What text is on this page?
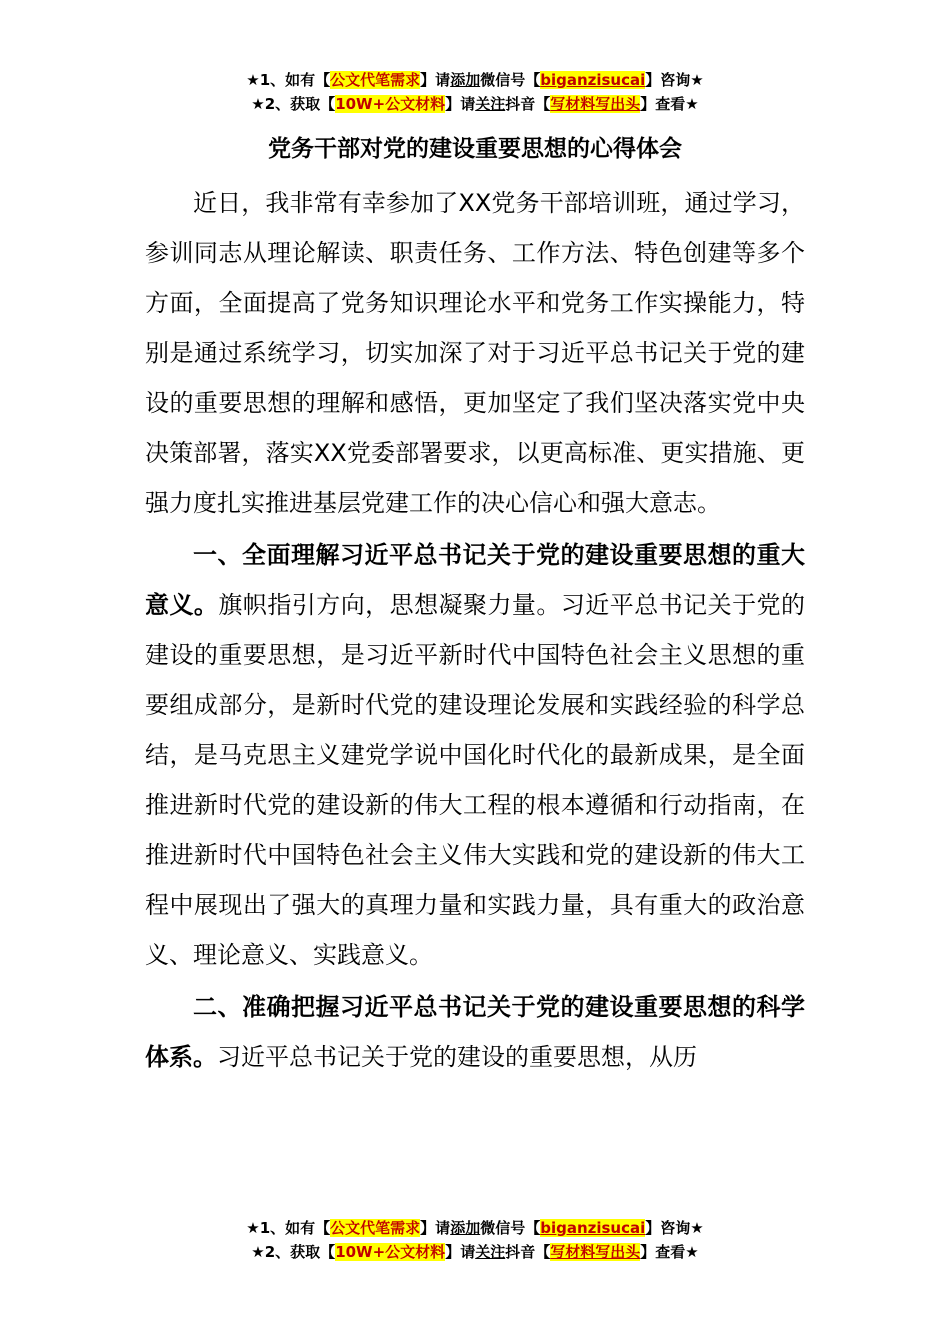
★1、如有【公文代笔需求】请添加微信号【biganzisucai】咨询★
★2、获取【10W+公文材料】请关注抖音【写材料写出头】查看★
党务干部对党的建设重要思想的心得体会

近日，我非常有幸参加了XX党务干部培训班，通过学习，参训同志从理论解读、职责任务、工作方法、特色创建等多个方面，全面提高了党务知识理论水平和党务工作实操能力，特别是通过系统学习，切实加深了对于习近平总书记关于党的建设的重要思想的理解和感悟，更加坚定了我们坚决落实党中央决策部署，落实XX党委部署要求，以更高标准、更实措施、更强力度扎实推进基层党建工作的决心信心和强大意志。

一、全面理解习近平总书记关于党的建设重要思想的重大意义。旗帜指引方向，思想凝聚力量。习近平总书记关于党的建设的重要思想，是习近平新时代中国特色社会主义思想的重要组成部分，是新时代党的建设理论发展和实践经验的科学总结，是马克思主义建党学说中国化时代化的最新成果，是全面推进新时代党的建设新的伟大工程的根本遵循和行动指南，在推进新时代中国特色社会主义伟大实践和党的建设新的伟大工程中展现出了强大的真理力量和实践力量，具有重大的政治意义、理论意义、实践意义。

二、准确把握习近平总书记关于党的建设重要思想的科学体系。习近平总书记关于党的建设的重要思想，从历

★1、如有【公文代笔需求】请添加微信号【biganzisucai】咨询★
★2、获取【10W+公文材料】请关注抖音【写材料写出头】查看★
